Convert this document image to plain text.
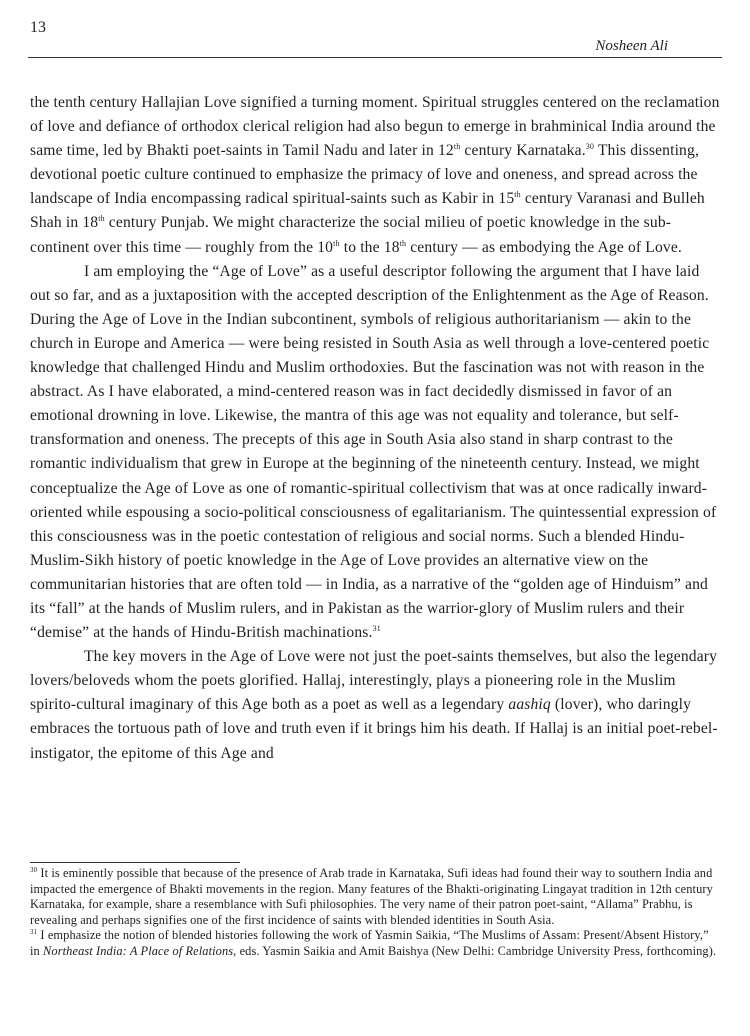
13
Nosheen Ali

the tenth century Hallajian Love signified a turning moment. Spiritual struggles centered on the reclamation of love and defiance of orthodox clerical religion had also begun to emerge in brahminical India around the same time, led by Bhakti poet-saints in Tamil Nadu and later in 12th century Karnataka.$^{30}$ This dissenting, devotional poetic culture continued to emphasize the primacy of love and oneness, and spread across the landscape of India encompassing radical spiritual-saints such as Kabir in 15th century Varanasi and Bulleh Shah in 18th century Punjab. We might characterize the social milieu of poetic knowledge in the sub-continent over this time — roughly from the 10th to the 18th century — as embodying the Age of Love.

I am employing the “Age of Love” as a useful descriptor following the argument that I have laid out so far, and as a juxtaposition with the accepted description of the Enlightenment as the Age of Reason. During the Age of Love in the Indian subcontinent, symbols of religious authoritarianism — akin to the church in Europe and America — were being resisted in South Asia as well through a love-centered poetic knowledge that challenged Hindu and Muslim orthodoxies. But the fascination was not with reason in the abstract. As I have elaborated, a mind-centered reason was in fact decidedly dismissed in favor of an emotional drowning in love. Likewise, the mantra of this age was not equality and tolerance, but self-transformation and oneness. The precepts of this age in South Asia also stand in sharp contrast to the romantic individualism that grew in Europe at the beginning of the nineteenth century. Instead, we might conceptualize the Age of Love as one of romantic-spiritual collectivism that was at once radically inward-oriented while espousing a socio-political consciousness of egalitarianism. The quintessential expression of this consciousness was in the poetic contestation of religious and social norms. Such a blended Hindu-Muslim-Sikh history of poetic knowledge in the Age of Love provides an alternative view on the communitarian histories that are often told — in India, as a narrative of the “golden age of Hinduism” and its “fall” at the hands of Muslim rulers, and in Pakistan as the warrior-glory of Muslim rulers and their “demise” at the hands of Hindu-British machinations.$^{31}$

The key movers in the Age of Love were not just the poet-saints themselves, but also the legendary lovers/beloveds whom the poets glorified. Hallaj, interestingly, plays a pioneering role in the Muslim spirito-cultural imaginary of this Age both as a poet as well as a legendary aashiq (lover), who daringly embraces the tortuous path of love and truth even if it brings him his death. If Hallaj is an initial poet-rebel-instigator, the epitome of this Age and

$^{30}$ It is eminently possible that because of the presence of Arab trade in Karnataka, Sufi ideas had found their way to southern India and impacted the emergence of Bhakti movements in the region. Many features of the Bhakti-originating Lingayat tradition in 12th century Karnataka, for example, share a resemblance with Sufi philosophies. The very name of their patron poet-saint, “Allama” Prabhu, is revealing and perhaps signifies one of the first incidence of saints with blended identities in South Asia.

$^{31}$ I emphasize the notion of blended histories following the work of Yasmin Saikia, “The Muslims of Assam: Present/Absent History,” in Northeast India: A Place of Relations, eds. Yasmin Saikia and Amit Baishya (New Delhi: Cambridge University Press, forthcoming).
